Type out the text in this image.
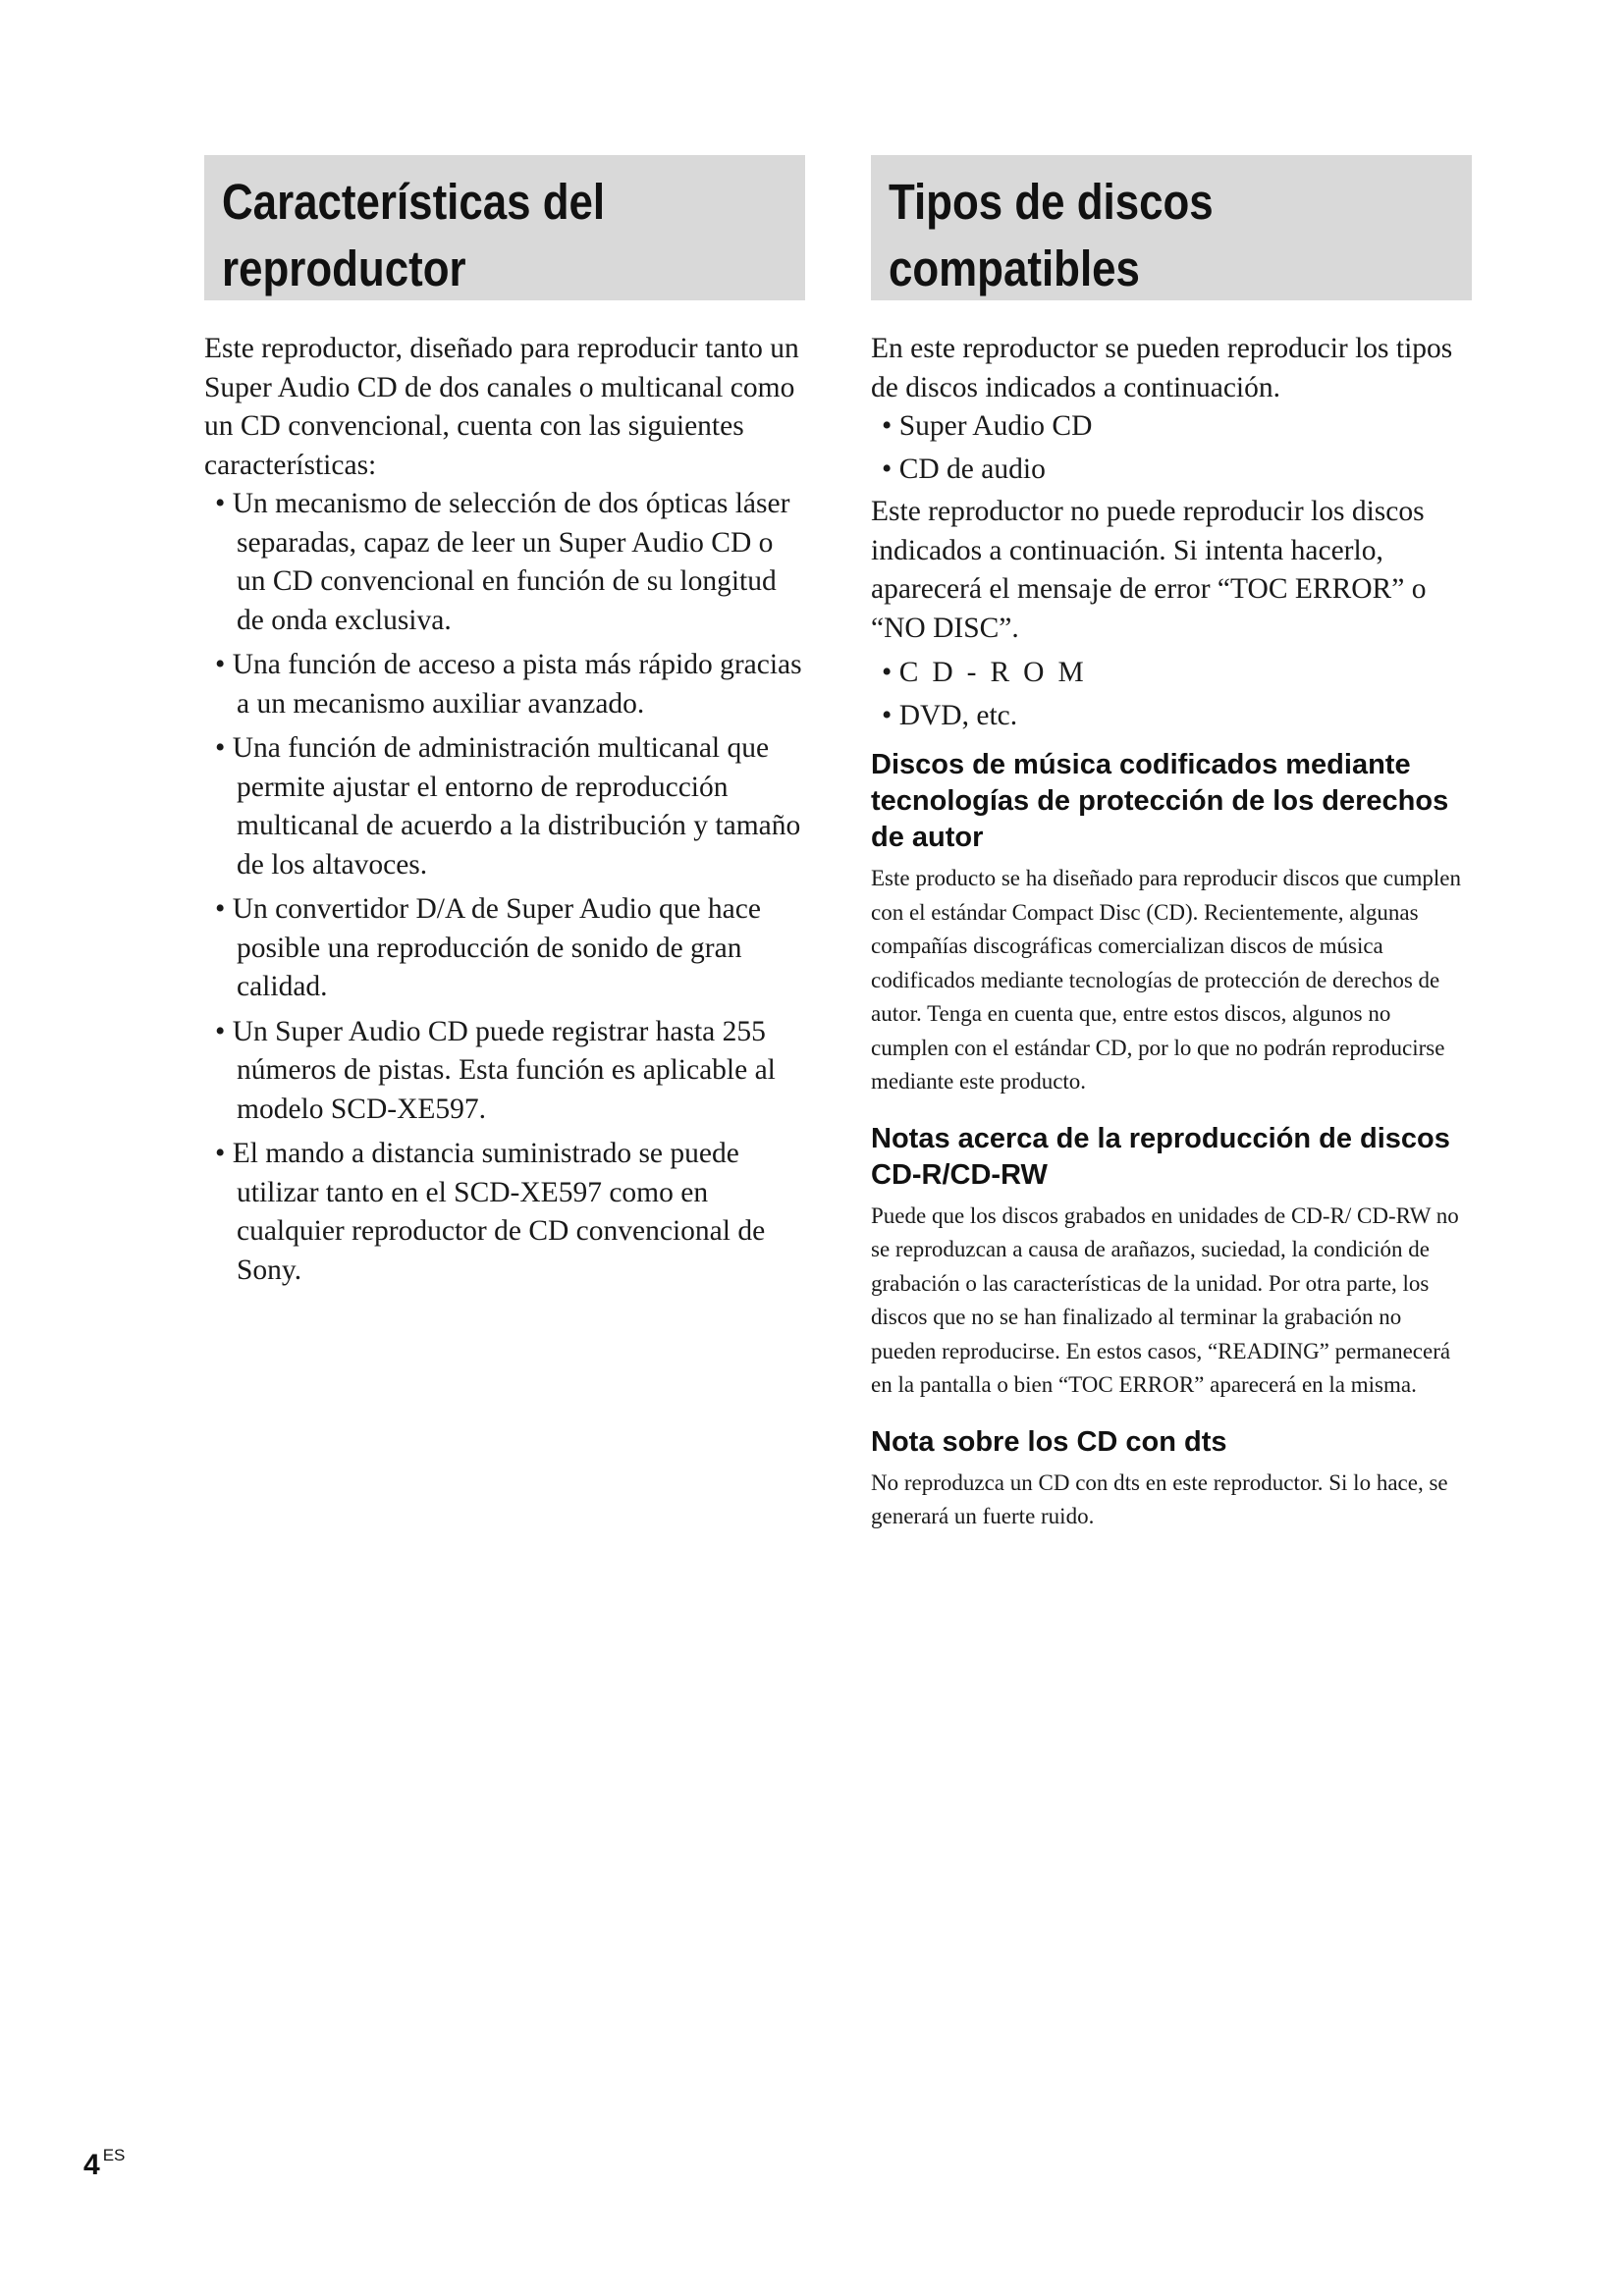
Características del
reproductor

Este reproductor, diseñado para reproducir tanto un Super Audio CD de dos canales o multicanal como un CD convencional, cuenta con las siguientes características:

• Un mecanismo de selección de dos ópticas láser separadas, capaz de leer un Super Audio CD o un CD convencional en función de su longitud de onda exclusiva.
• Una función de acceso a pista más rápido gracias a un mecanismo auxiliar avanzado.
• Una función de administración multicanal que permite ajustar el entorno de reproducción multicanal de acuerdo a la distribución y tamaño de los altavoces.
• Un convertidor D/A de Super Audio que hace posible una reproducción de sonido de gran calidad.
• Un Super Audio CD puede registrar hasta 255 números de pistas. Esta función es aplicable al modelo SCD-XE597.
• El mando a distancia suministrado se puede utilizar tanto en el SCD-XE597 como en cualquier reproductor de CD convencional de Sony.
Tipos de discos
compatibles

En este reproductor se pueden reproducir los tipos de discos indicados a continuación.

• Super Audio CD
• CD de audio

Este reproductor no puede reproducir los discos indicados a continuación. Si intenta hacerlo, aparecerá el mensaje de error “TOC ERROR” o “NO DISC”.

• CD-ROM
• DVD, etc.
Discos de música codificados mediante tecnologías de protección de los derechos de autor

Este producto se ha diseñado para reproducir discos que cumplen con el estándar Compact Disc (CD). Recientemente, algunas compañías discográficas comercializan discos de música codificados mediante tecnologías de protección de derechos de autor. Tenga en cuenta que, entre estos discos, algunos no cumplen con el estándar CD, por lo que no podrán reproducirse mediante este producto.

Notas acerca de la reproducción de discos CD-R/CD-RW

Puede que los discos grabados en unidades de CD-R/ CD-RW no se reproduzcan a causa de arañazos, suciedad, la condición de grabación o las características de la unidad. Por otra parte, los discos que no se han finalizado al terminar la grabación no pueden reproducirse. En estos casos, “READING” permanecerá en la pantalla o bien “TOC ERROR” aparecerá en la misma.

Nota sobre los CD con dts

No reproduzca un CD con dts en este reproductor. Si lo hace, se generará un fuerte ruido.

4 $^{ES}$
